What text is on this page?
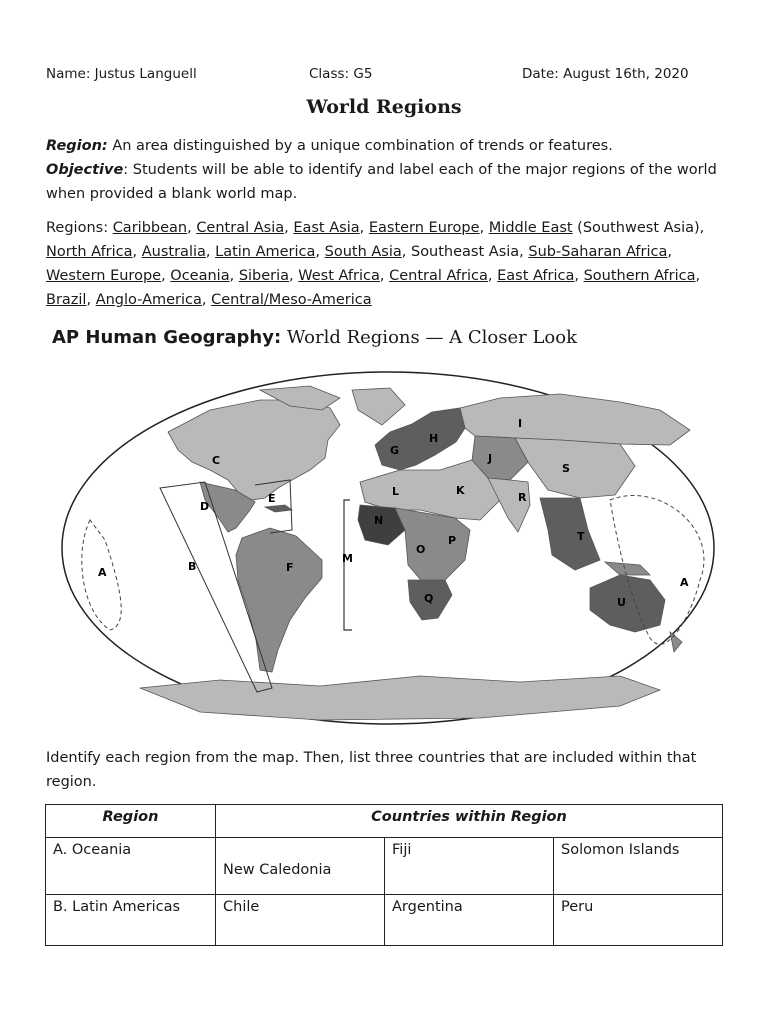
Name: Justus Languell	Class: G5	Date: August 16th, 2020
World Regions
Region: An area distinguished by a unique combination of trends or features.
Objective: Students will be able to identify and label each of the major regions of the world when provided a blank world map.
Regions: Caribbean, Central Asia, East Asia, Eastern Europe, Middle East (Southwest Asia), North Africa, Australia, Latin America, South Asia, Southeast Asia, Sub-Saharan Africa, Western Europe, Oceania, Siberia, West Africa, Central Africa, East Africa, Southern Africa, Brazil, Anglo-America, Central/Meso-America
AP Human Geography: World Regions — A Closer Look
A	B
C
D
E
F
G
H
I
J
K
L
M
N
O
P
Q
R
S
T
U
A
Identify each region from the map. Then, list three countries that are included within that region.
Region	Countries within Region		
A. Oceania	New Caledonia	Fiji	Solomon Islands
B. Latin Americas	Chile	Argentina	Peru
